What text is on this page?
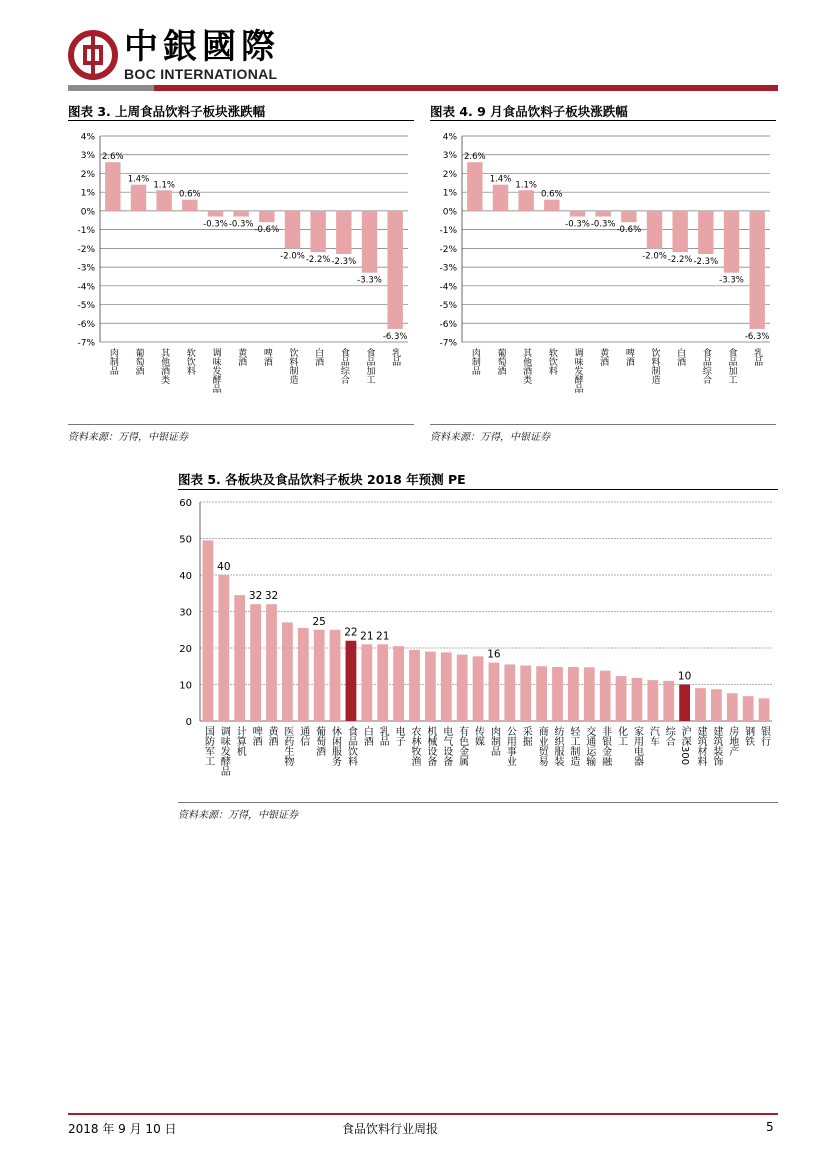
中銀國際
BOC INTERNATIONAL
图表 3. 上周食品饮料子板块涨跌幅
4%
3%
2%
1%
0%
-1%
-2%
-3%
-4%
-5%
-6%
-7%
2.6%
肉制品
1.4%
葡萄酒
1.1%
其他酒类
0.6%
软饮料
-0.3%
调味发酵品
-0.3%
黄酒
-0.6%
啤酒
-2.0%
饮料制造
-2.2%
白酒
-2.3%
食品综合
-3.3%
食品加工
-6.3%
乳品
资料来源：万得，中银证券
图表 4. 9 月食品饮料子板块涨跌幅
4%
3%
2%
1%
0%
-1%
-2%
-3%
-4%
-5%
-6%
-7%
2.6%
肉制品
1.4%
葡萄酒
1.1%
其他酒类
0.6%
软饮料
-0.3%
调味发酵品
-0.3%
黄酒
-0.6%
啤酒
-2.0%
饮料制造
-2.2%
白酒
-2.3%
食品综合
-3.3%
食品加工
-6.3%
乳品
资料来源：万得，中银证券
图表 5. 各板块及食品饮料子板块 2018 年预测 PE
60
50
40
30
20
10
0
国防军工
40
调味发酵品 计算机
32
啤酒
32
黄酒 医药生物 通信
25
葡萄酒 休闲服务
22
食品饮料
21
白酒
21
乳品 电子 农林牧渔 机械设备 电气设备 有色金属 传媒
16
肉制品 公用事业 采掘 商业贸易 纺织服装 轻工制造 交通运输 非银金融 化工 家用电器 汽车 综合
10
沪深300 建筑材料 建筑装饰 房地产 钢铁 银行
资料来源：万得，中银证券
2018 年 9 月 10 日	食品饮料行业周报	5
